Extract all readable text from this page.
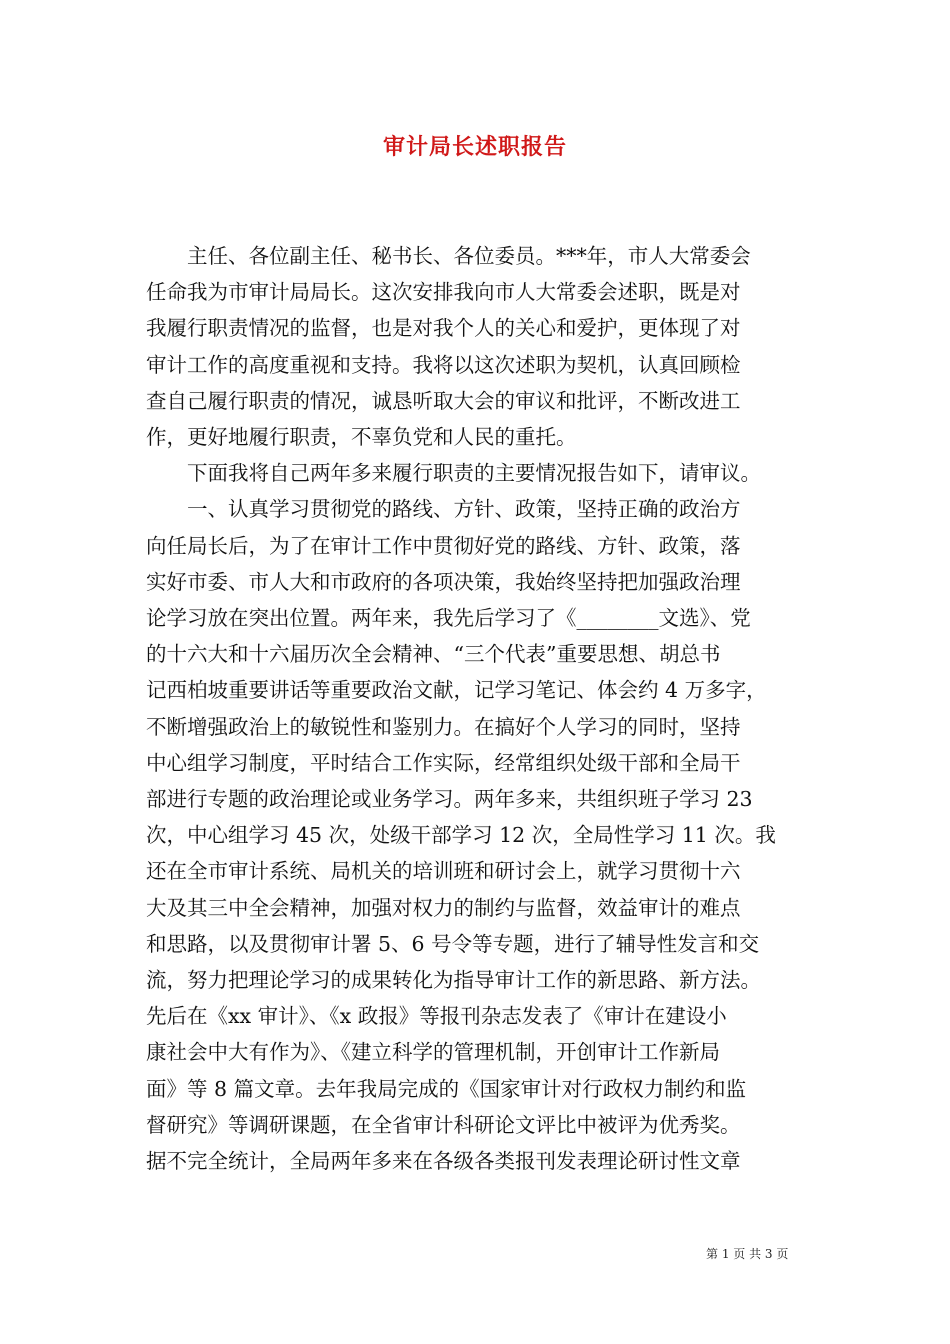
审计局长述职报告

　　主任、各位副主任、秘书长、各位委员。***年，市人大常委会

任命我为市审计局局长。这次安排我向市人大常委会述职，既是对

我履行职责情况的监督，也是对我个人的关心和爱护，更体现了对

审计工作的高度重视和支持。我将以这次述职为契机，认真回顾检

查自己履行职责的情况，诚恳听取大会的审议和批评，不断改进工

作，更好地履行职责，不辜负党和人民的重托。

　　下面我将自己两年多来履行职责的主要情况报告如下，请审议。

　　一、认真学习贯彻党的路线、方针、政策，坚持正确的政治方

向任局长后，为了在审计工作中贯彻好党的路线、方针、政策，落

实好市委、市人大和市政府的各项决策，我始终坚持把加强政治理

论学习放在突出位置。两年来，我先后学习了《________文选》、党

的十六大和十六届历次全会精神、“三个代表”重要思想、胡总书

记西柏坡重要讲话等重要政治文献，记学习笔记、体会约 4 万多字，

不断增强政治上的敏锐性和鉴别力。在搞好个人学习的同时，坚持

中心组学习制度，平时结合工作实际，经常组织处级干部和全局干

部进行专题的政治理论或业务学习。两年多来，共组织班子学习 23

次，中心组学习 45 次，处级干部学习 12 次，全局性学习 11 次。我

还在全市审计系统、局机关的培训班和研讨会上，就学习贯彻十六

大及其三中全会精神，加强对权力的制约与监督，效益审计的难点

和思路，以及贯彻审计署 5、6 号令等专题，进行了辅导性发言和交

流，努力把理论学习的成果转化为指导审计工作的新思路、新方法。

先后在《xx 审计》、《x 政报》等报刊杂志发表了《审计在建设小

康社会中大有作为》、《建立科学的管理机制，开创审计工作新局

面》等 8 篇文章。去年我局完成的《国家审计对行政权力制约和监

督研究》等调研课题，在全省审计科研论文评比中被评为优秀奖。

据不完全统计，全局两年多来在各级各类报刊发表理论研讨性文章

第 1 页 共 3 页
